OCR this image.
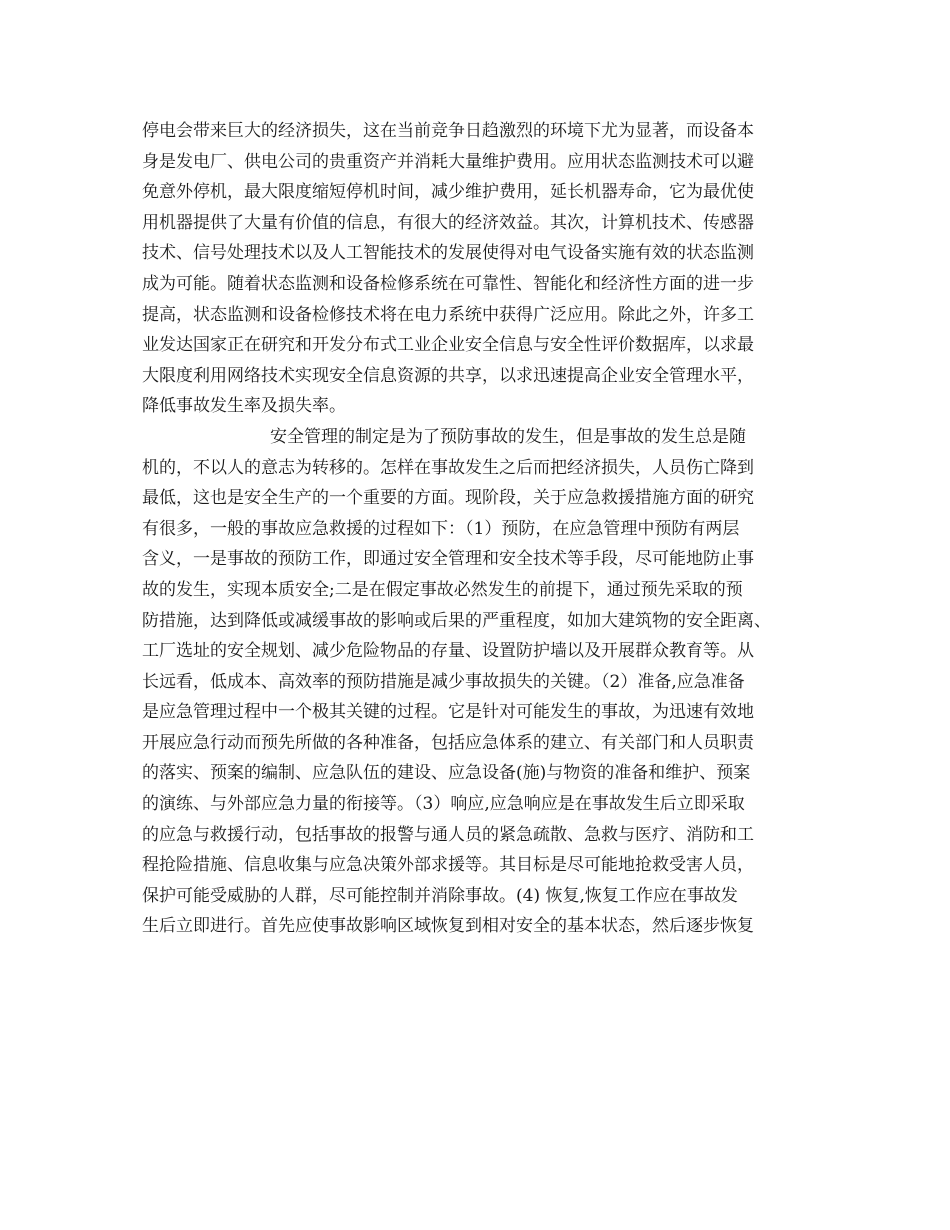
停电会带来巨大的经济损失，这在当前竞争日趋激烈的环境下尤为显著，而设备本
身是发电厂、供电公司的贵重资产并消耗大量维护费用。应用状态监测技术可以避
免意外停机，最大限度缩短停机时间，减少维护费用，延长机器寿命，它为最优使
用机器提供了大量有价值的信息，有很大的经济效益。其次，计算机技术、传感器
技术、信号处理技术以及人工智能技术的发展使得对电气设备实施有效的状态监测
成为可能。随着状态监测和设备检修系统在可靠性、智能化和经济性方面的进一步
提高，状态监测和设备检修技术将在电力系统中获得广泛应用。除此之外，许多工
业发达国家正在研究和开发分布式工业企业安全信息与安全性评价数据库，以求最
大限度利用网络技术实现安全信息资源的共享，以求迅速提高企业安全管理水平，
降低事故发生率及损失率。
安全管理的制定是为了预防事故的发生，但是事故的发生总是随
机的，不以人的意志为转移的。怎样在事故发生之后而把经济损失，人员伤亡降到
最低，这也是安全生产的一个重要的方面。现阶段，关于应急救援措施方面的研究
有很多，一般的事故应急救援的过程如下：（1）预防，在应急管理中预防有两层
含义，一是事故的预防工作，即通过安全管理和安全技术等手段，尽可能地防止事
故的发生，实现本质安全;二是在假定事故必然发生的前提下，通过预先采取的预
防措施，达到降低或减缓事故的影响或后果的严重程度，如加大建筑物的安全距离、
工厂选址的安全规划、减少危险物品的存量、设置防护墙以及开展群众教育等。从
长远看，低成本、高效率的预防措施是减少事故损失的关键。（2）准备,应急准备
是应急管理过程中一个极其关键的过程。它是针对可能发生的事故，为迅速有效地
开展应急行动而预先所做的各种准备，包括应急体系的建立、有关部门和人员职责
的落实、预案的编制、应急队伍的建设、应急设备(施)与物资的准备和维护、预案
的演练、与外部应急力量的衔接等。（3）响应,应急响应是在事故发生后立即采取
的应急与救援行动，包括事故的报警与通人员的紧急疏散、急救与医疗、消防和工
程抢险措施、信息收集与应急决策外部求援等。其目标是尽可能地抢救受害人员，
保护可能受威胁的人群，尽可能控制并消除事故。(4) 恢复,恢复工作应在事故发
生后立即进行。首先应使事故影响区域恢复到相对安全的基本状态，然后逐步恢复
